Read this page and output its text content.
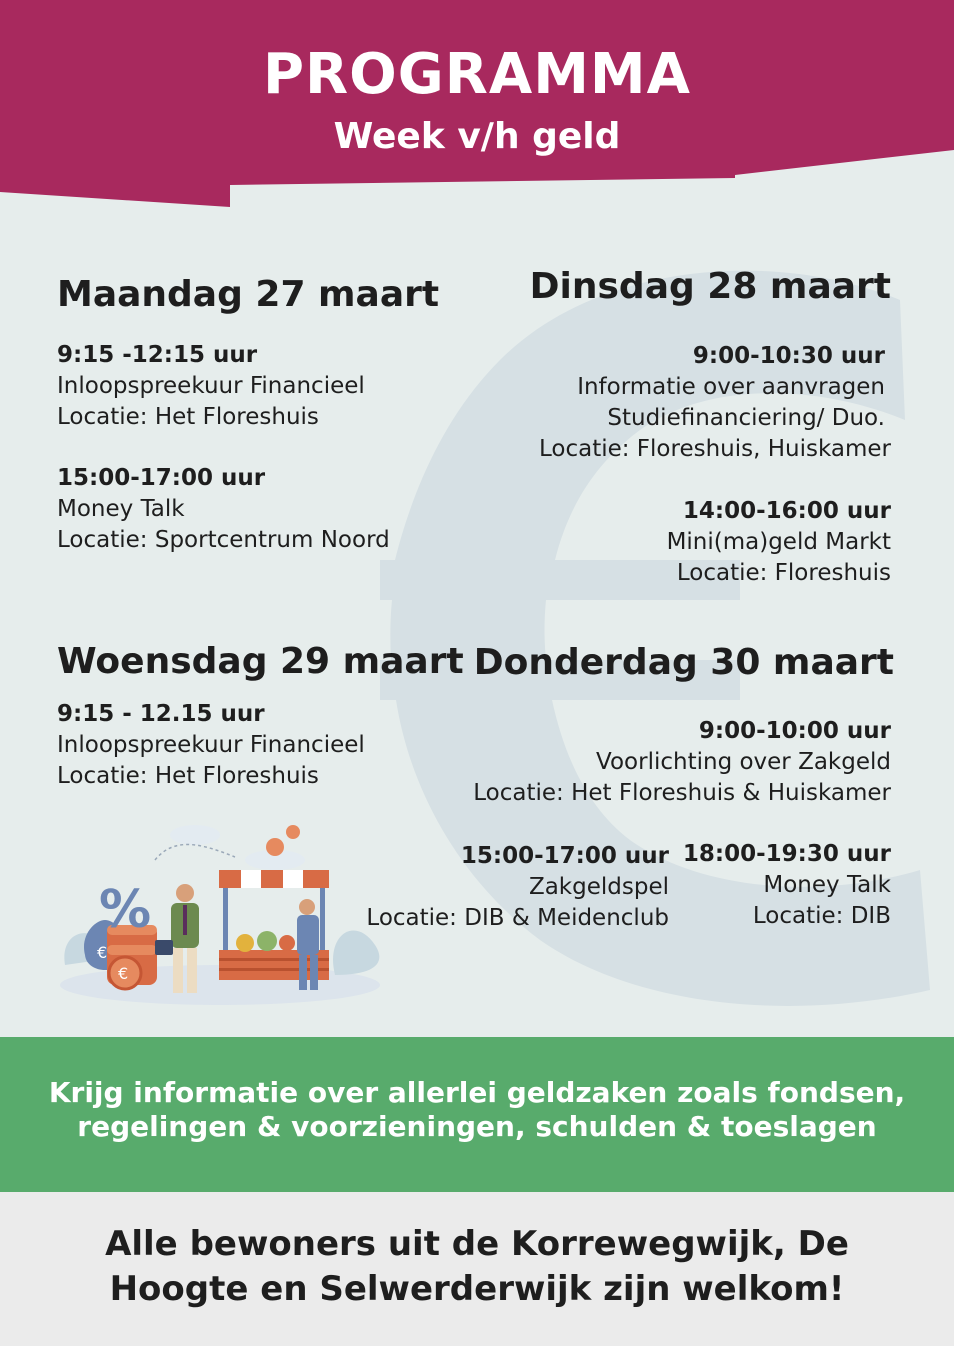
PROGRAMMA
Week v/h geld
Maandag 27 maart
9:15 -12:15 uur
Inloopspreekuur Financieel
Locatie: Het Floreshuis
15:00-17:00 uur
Money Talk
Locatie: Sportcentrum Noord
Dinsdag 28 maart
9:00-10:30 uur
Informatie over aanvragen
Studiefinanciering/ Duo.
Locatie: Floreshuis, Huiskamer
14:00-16:00 uur
Mini(ma)geld Markt
Locatie: Floreshuis
Woensdag 29 maart
9:15 - 12.15 uur
Inloopspreekuur Financieel
Locatie: Het Floreshuis
Donderdag 30 maart
9:00-10:00 uur
Voorlichting over Zakgeld
Locatie: Het Floreshuis & Huiskamer
15:00-17:00 uur
Zakgeldspel
Locatie: DIB & Meidenclub
18:00-19:30 uur
Money Talk
Locatie: DIB
€
€
%
Krijg informatie over allerlei geldzaken zoals fondsen,
regelingen & voorzieningen, schulden & toeslagen
Alle bewoners uit de Korrewegwijk, De
Hoogte en Selwerderwijk zijn welkom!
